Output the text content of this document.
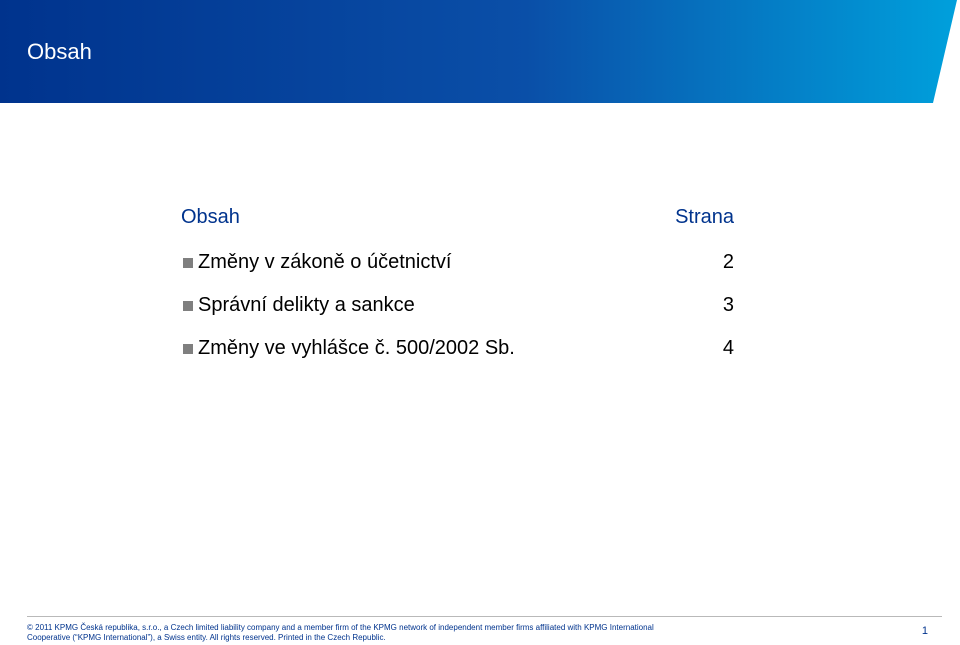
Obsah
Obsah	Strana
Změny v zákoně o účetnictví	2
Správní delikty a sankce	3
Změny ve vyhlášce č. 500/2002 Sb.	4
© 2011 KPMG Česká republika, s.r.o., a Czech limited liability company and a member firm of the KPMG network of independent member firms affiliated with KPMG International
Cooperative (“KPMG International”), a Swiss entity. All rights reserved. Printed in the Czech Republic.
1
